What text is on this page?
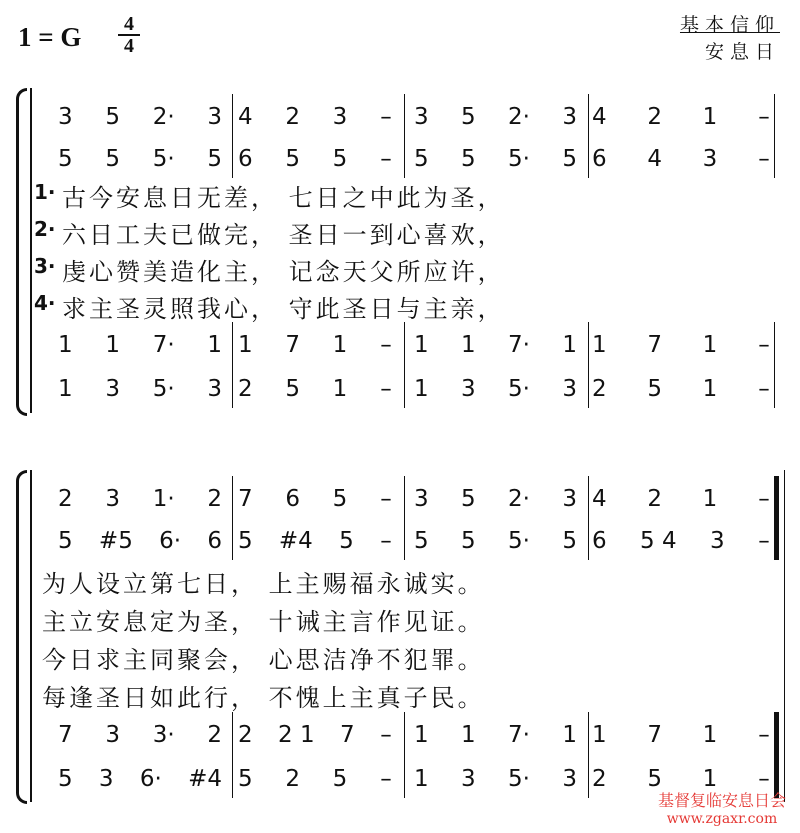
1 = G	4
4
基本信仰
安息日
3 5 2· 3 4 2 3 – 3 5 2· 3 4 2 1 –
5 5 5· 5 6 5 5 – 5 5 5· 5 6 4 3 –
1 1 7· 1 1 7 1 – 1 1 7· 1 1 7 1 –
1 3 5· 3 2 5 1 – 1 3 5· 3 2 5 1 –
1· 古今安息日无差， 七日之中此为圣，
2· 六日工夫已做完， 圣日一到心喜欢，
3· 虔心赞美造化主， 记念天父所应许，
4· 求主圣灵照我心， 守此圣日与主亲，
2 3 1· 2 7 6 5 – 3 5 2· 3 4 2 1 –
5 #5 6· 6 5 #4 5 – 5 5 5· 5 6 5 4 3 –
7 3 3· 2 2 2 1 7 – 1 1 7· 1 1 7 1 –
5 3 6· #4 5 2 5 – 1 3 5· 3 2 5 1 –
为人设立第七日， 上主赐福永诚实。
主立安息定为圣， 十诫主言作见证。
今日求主同聚会， 心思洁净不犯罪。
每逢圣日如此行， 不愧上主真子民。
基督复临安息日会
www.zgaxr.com
